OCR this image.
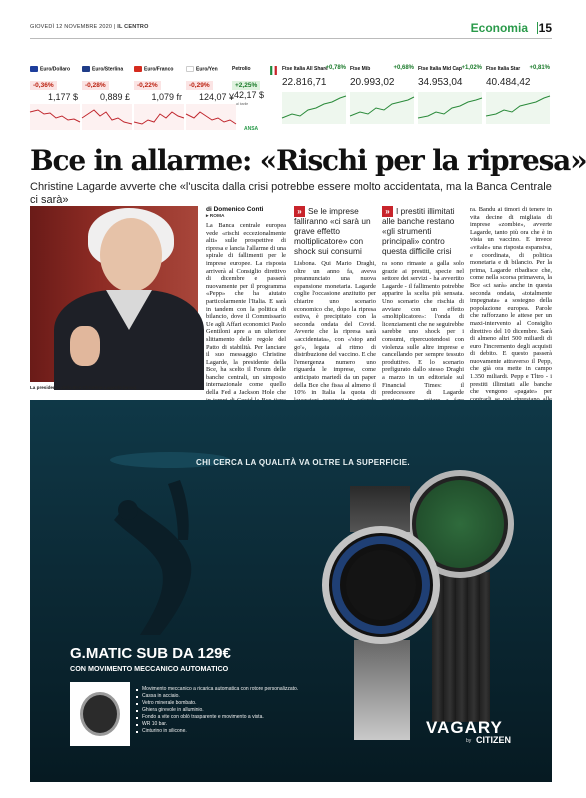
GIOVEDÌ 12 NOVEMBRE 2020 | IL CENTRO	Economia 15
Euro/Dollaro
-0,36%
1,177 $
Euro/Sterlina
-0,28%
0,889 £
Euro/Franco
-0,22%
1,079 fr
Euro/Yen
-0,29%
124,07 ¥
Petrolio
+2,25%
42,17 $
al barile
ANSA
Ftse Italia All Share
+0,78%
22.816,71
Ftse Mib	+0,68%
20.993,02
Ftse Italia Mid Cap +1,02%
34.953,04
Ftse Italia Star +0,81%
40.484,42
Bce in allarme: «Rischi per la ripresa»
Christine Lagarde avverte che «l'uscita dalla crisi potrebbe essere molto accidentata, ma la Banca Centrale ci sarà»
La presidente della Bce Christine Lagarde (ansa)
di Domenico Conti
▸ ROMA
La Banca centrale europea vede «rischi eccezionalmente alti» sulle prospettive di ripresa e lancia l'allarme di una spirale di fallimenti per le imprese europee. La risposta arriverà al Consiglio direttivo di dicembre e passerà nuovamente per il programma «Pepp» che ha aiutato particolarmente l'Italia. E sarà in tandem con la politica di bilancio, dove il Commissario Ue agli Affari economici Paolo Gentiloni apre a un ulteriore slittamento delle regole del Patto di stabilità. Per lanciare il suo messaggio Christine Lagarde, la presidente della Bce, ha scelto il Forum delle banche centrali, un simposio internazionale come quello della Fed a Jackson Hole che
» Se le imprese falliranno «ci sarà un grave effetto moltiplicatore» con shock sui consumi
Lisbona. Qui Mario Draghi, oltre un anno fa, aveva preannunciato una nuova espansione monetaria. Lagarde coglie l'occasione anzitutto per chiarire uno scenario economico che, dopo la ripresa estiva, è precipitato con la seconda ondata del Covid. Avverte che la ripresa sarà «accidentata», con «'stop and go'», legata al ritmo di distribuzione del vaccino. E che l'emergenza numero uno riguarda le imprese, come anticipato martedì da un paper della Bce che fissa al almeno il 10% in Italia la quota di
» I prestiti illimitati alle banche restano «gli strumenti principali» contro questa difficile crisi
ra sono rimaste a galla solo grazie ai prestiti, specie nel settore dei servizi - ha avvertito Lagarde - il fallimento potrebbe apparire la scelta più sensata. Uno scenario che rischia di avviare con un effetto «moltiplicatore»: l'onda di licenziamenti che ne seguirebbe sarebbe uno shock per i consumi, ripercuotendosi con violenza sulle altre imprese e cancellando per sempre tessuto produttivo. E lo scenario prefigurato dallo stesso Draghi a marzo in un editoriale sul Financial Times: il predecessore di Lagarde
ra. Bandu ai timori di tenere in vita decine di migliaia di imprese «zombie», avverte Lagarde, tanto più ora che è in vista un vaccino. E invece «vitale» una risposta espansiva, e coordinata, di politica monetaria e di bilancio. Per la prima, Lagarde ribadisce che, come nella scorsa primavera, la Bce «ci sarà» anche in questa seconda ondata, «totalmente impegnata» a sostegno della popolazione europea. Parole che rafforzano le attese per un maxi-intervento al Consiglio direttivo del 10 dicembre. Sarà di almeno altri 500 miliardi di euro l'incremento degli acquisti di debito. E questo passerà nuovamente attraverso il Pepp, che già ora mette in campo 1.350 miliardi. Pepp e Tltro - i prestiti illimitati alle banche che vengono «pagate» per
CHI CERCA LA QUALITÀ VA OLTRE LA SUPERFICIE.
G.MATIC SUB DA 129€
CON MOVIMENTO MECCANICO AUTOMATICO
Movimento meccanico a ricarica automatica con rotore personalizzato.
Cassa in acciaio.
Vetro minerale bombato.
Ghiera girevole in alluminio.
Fondo a vite con oblò trasparente e movimento a vista.
WR 10 bar.
Cinturino in silicone.	VAGARY
by CITIZEN
